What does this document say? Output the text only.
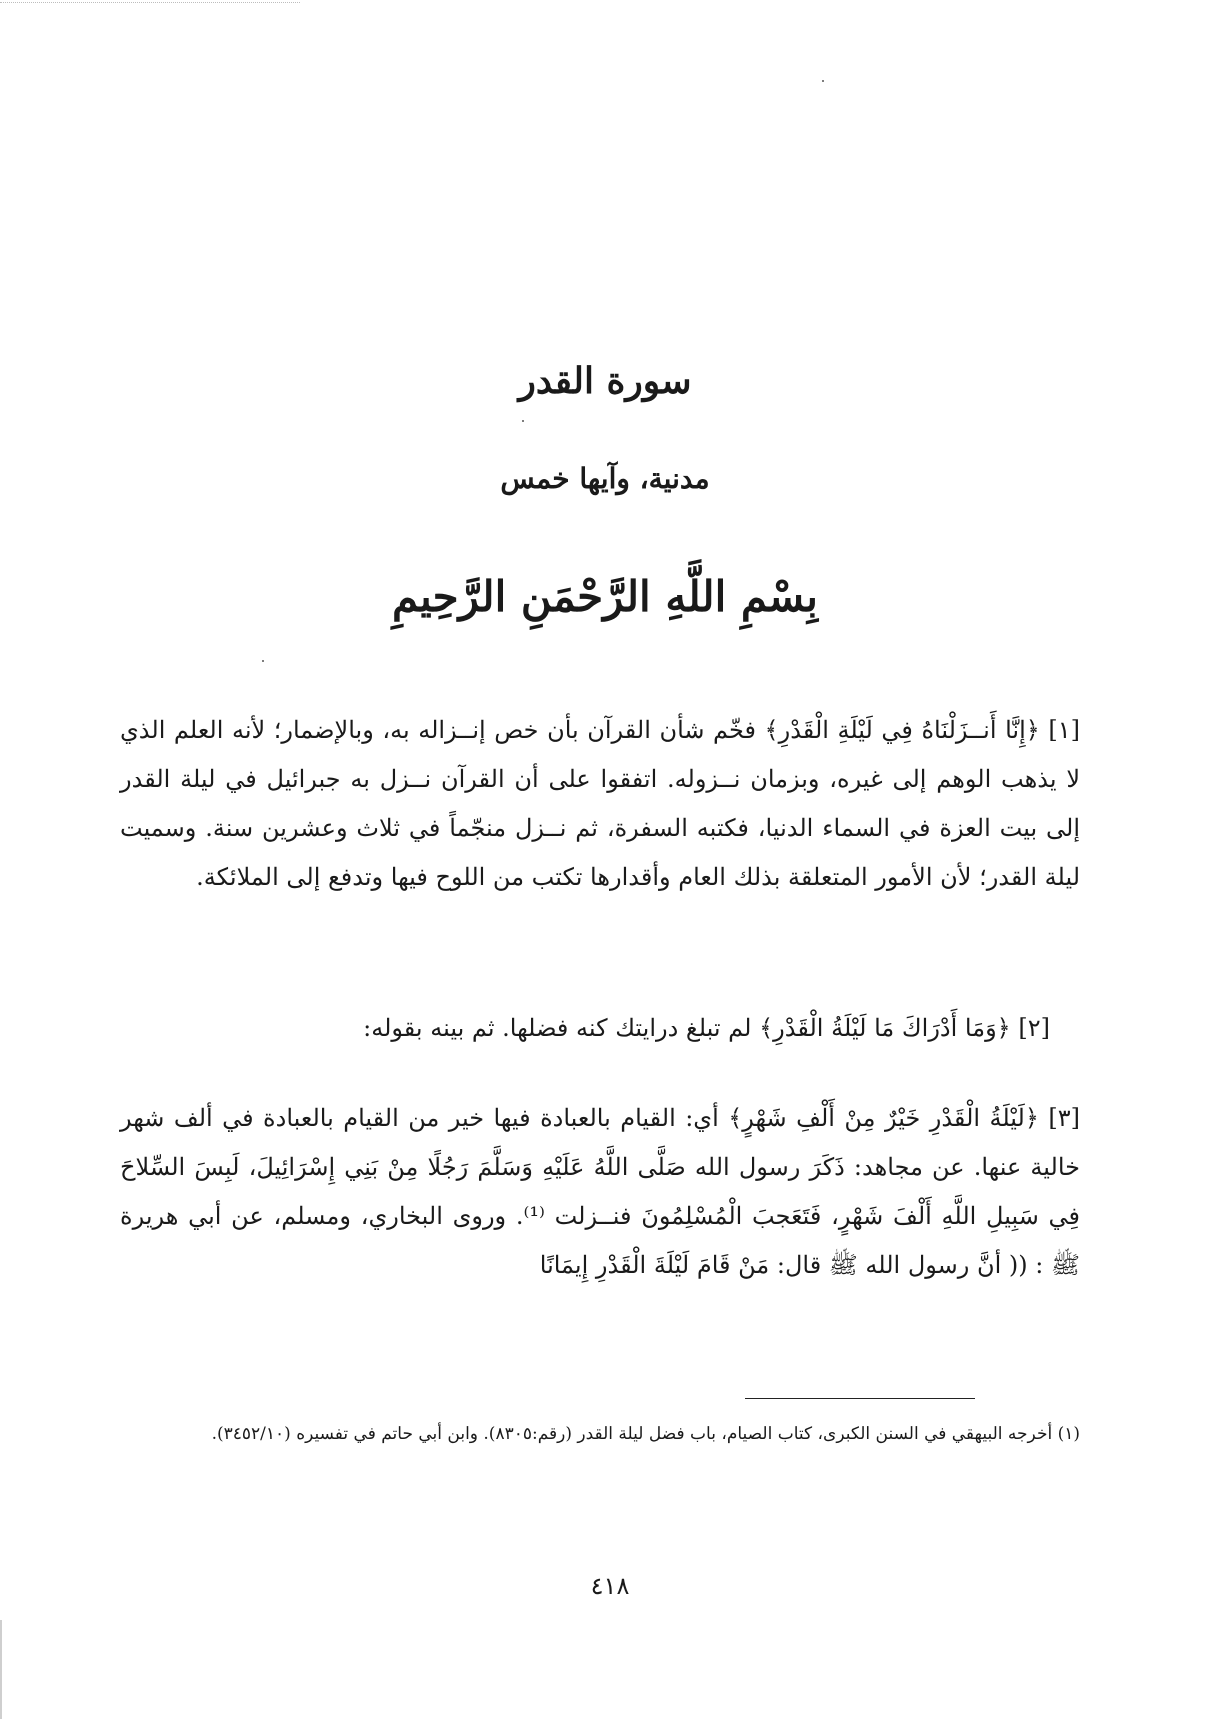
سورة القدر
مدنية، وآيها خمس
بِسْمِ اللَّهِ الرَّحْمَنِ الرَّحِيمِ
[١] ﴿إِنَّا أَنــزَلْنَاهُ فِي لَيْلَةِ الْقَدْرِ﴾ فخّم شأن القرآن بأن خص إنــزاله به، وبالإضمار؛ لأنه العلم الذي لا يذهب الوهم إلى غيره، وبزمان نــزوله. اتفقوا على أن القرآن نــزل به جبرائيل في ليلة القدر إلى بيت العزة في السماء الدنيا، فكتبه السفرة، ثم نــزل منجّماً في ثلاث وعشرين سنة. وسميت ليلة القدر؛ لأن الأمور المتعلقة بذلك العام وأقدارها تكتب من اللوح فيها وتدفع إلى الملائكة.
[٢] ﴿وَمَا أَدْرَاكَ مَا لَيْلَةُ الْقَدْرِ﴾ لم تبلغ درايتك كنه فضلها. ثم بينه بقوله:
[٣] ﴿لَيْلَةُ الْقَدْرِ خَيْرٌ مِنْ أَلْفِ شَهْرٍ﴾ أي: القيام بالعبادة فيها خير من القيام بالعبادة في ألف شهر خالية عنها. عن مجاهد: ذَكَرَ رسول الله صَلَّى اللَّهُ عَلَيْهِ وَسَلَّمَ رَجُلًا مِنْ بَنِي إِسْرَائِيلَ، لَبِسَ السِّلاحَ فِي سَبِيلِ اللَّهِ أَلْفَ شَهْرٍ، فَتَعَجبَ الْمُسْلِمُونَ فنــزلت ⁽¹⁾. وروى البخاري، ومسلم، عن أبي هريرة ﷺ : (( أنَّ رسول الله ﷺ قال: مَنْ قَامَ لَيْلَةَ الْقَدْرِ إِيمَانًا
(١) أخرجه البيهقي في السنن الكبرى، كتاب الصيام، باب فضل ليلة القدر (رقم:٨٣٠٥). وابن أبي حاتم في تفسيره (٣٤٥٢/١٠).
٤١٨
